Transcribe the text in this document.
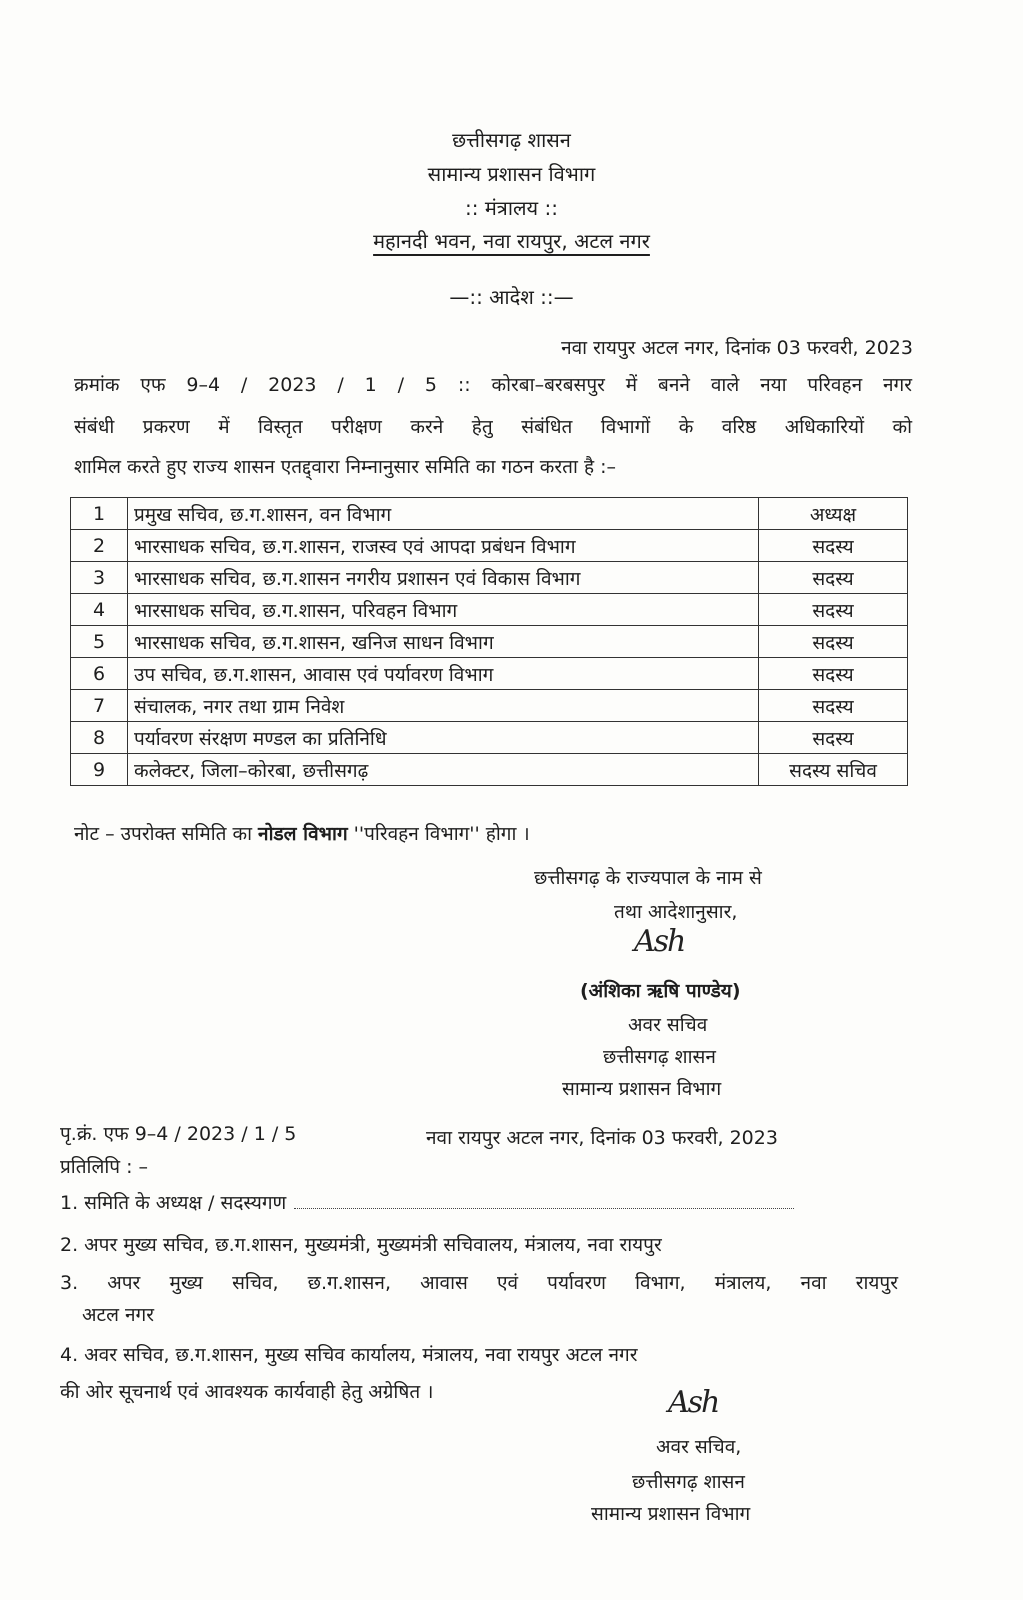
छत्तीसगढ़ शासन
सामान्य प्रशासन विभाग
:: मंत्रालय ::
महानदी भवन, नवा रायपुर, अटल नगर
—:: आदेश ::—
नवा रायपुर अटल नगर, दिनांक 03 फरवरी, 2023
क्रमांक एफ 9–4 / 2023 / 1 / 5 :: कोरबा–बरबसपुर में बनने वाले नया परिवहन नगर
संबंधी प्रकरण में विस्तृत परीक्षण करने हेतु संबंधित विभागों के वरिष्ठ अधिकारियों को
शामिल करते हुए राज्य शासन एतद्द्वारा निम्नानुसार समिति का गठन करता है :–
1	प्रमुख सचिव, छ.ग.शासन, वन विभाग	अध्यक्ष
2	भारसाधक सचिव, छ.ग.शासन, राजस्व एवं आपदा प्रबंधन विभाग	सदस्य
3	भारसाधक सचिव, छ.ग.शासन नगरीय प्रशासन एवं विकास विभाग	सदस्य
4	भारसाधक सचिव, छ.ग.शासन, परिवहन विभाग	सदस्य
5	भारसाधक सचिव, छ.ग.शासन, खनिज साधन विभाग	सदस्य
6	उप सचिव, छ.ग.शासन, आवास एवं पर्यावरण विभाग	सदस्य
7	संचालक, नगर तथा ग्राम निवेश	सदस्य
8	पर्यावरण संरक्षण मण्डल का प्रतिनिधि	सदस्य
9	कलेक्टर, जिला–कोरबा, छत्तीसगढ़	सदस्य सचिव
नोट – उपरोक्त समिति का नोडल विभाग ''परिवहन विभाग'' होगा ।
छत्तीसगढ़ के राज्यपाल के नाम से
तथा आदेशानुसार,
Ash
(अंशिका ऋषि पाण्डेय)
अवर सचिव
छत्तीसगढ़ शासन
सामान्य प्रशासन विभाग
पृ.क्रं. एफ 9–4 / 2023 / 1 / 5	नवा रायपुर अटल नगर, दिनांक 03 फरवरी, 2023
प्रतिलिपि : –
1. समिति के अध्यक्ष / सदस्यगण
2. अपर मुख्य सचिव, छ.ग.शासन, मुख्यमंत्री, मुख्यमंत्री सचिवालय, मंत्रालय, नवा रायपुर
3. अपर मुख्य सचिव, छ.ग.शासन, आवास एवं पर्यावरण विभाग, मंत्रालय, नवा रायपुर
अटल नगर
4. अवर सचिव, छ.ग.शासन, मुख्य सचिव कार्यालय, मंत्रालय, नवा रायपुर अटल नगर
की ओर सूचनार्थ एवं आवश्यक कार्यवाही हेतु अग्रेषित ।	Ash
अवर सचिव,
छत्तीसगढ़ शासन
सामान्य प्रशासन विभाग
